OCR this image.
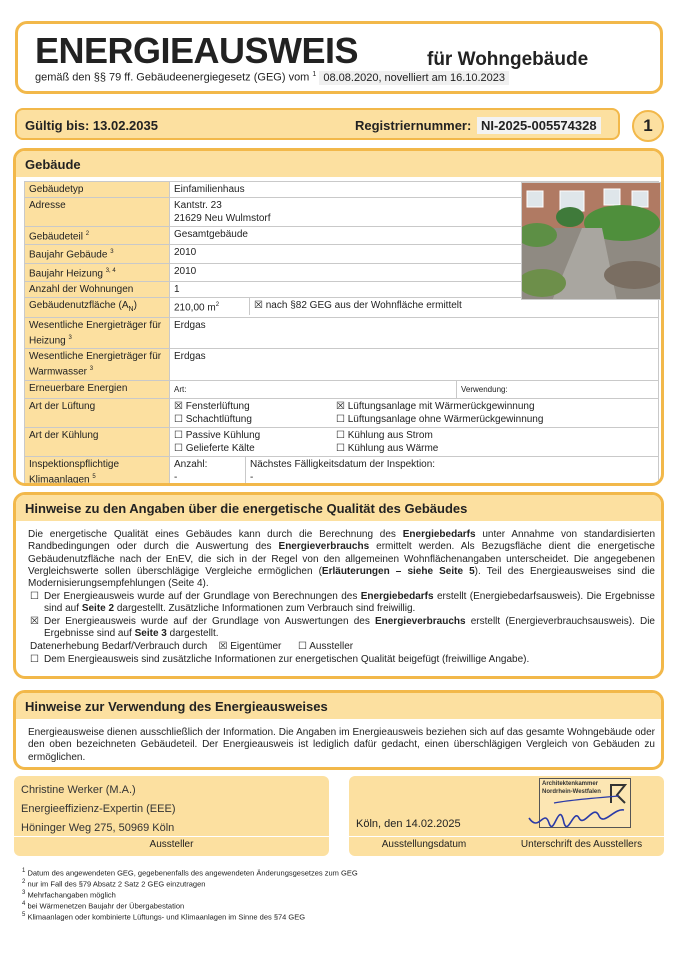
ENERGIEAUSWEIS	für Wohngebäude
gemäß den §§ 79 ff. Gebäudeenergiegesetz (GEG) vom $^1$ 08.08.2020, novelliert am 16.10.2023
Gültig bis: 13.02.2035	Registriernummer: NI-2025-005574328	1
Gebäude
Gebäudetyp	Einfamilienhaus
Adresse	Kantstr. 23
21629 Neu Wulmstorf

Gebäudeteil $^2$	Gesamtgebäude
Baujahr Gebäude $^3$	2010
Baujahr Heizung $^{3, 4}$	2010
Anzahl der Wohnungen	1
Gebäudenutzfläche $(A_N)$	210,00 $m^2$ ☒ nach §82 GEG aus der Wohnfläche ermittelt

Wesentliche Energieträger für Heizung $^3$	Erdgas
Wesentliche Energieträger für Warmwasser $^3$	Erdgas
Erneuerbare Energien	Art: Verwendung:

Art der Lüftung	☒ Fensterlüftung ☒ Lüftungsanlage mit Wärmerückgewinnung
☐ Schachtlüftung ☐ Lüftungsanlage ohne Wärmerückgewinnung

Art der Kühlung	☐ Passive Kühlung ☐ Kühlung aus Strom
☐ Gelieferte Kälte ☐ Kühlung aus Wärme

Inspektionspflichtige Klimaanlagen $^5$	Anzahl:
-
Nächstes Fälligkeitsdatum der Inspektion:
-

Hinweise zu den Angaben über die energetische Qualität des Gebäudes
Die energetische Qualität eines Gebäudes kann durch die Berechnung des Energiebedarfs unter Annahme von standardisierten Randbedingungen oder durch die Auswertung des Energieverbrauchs ermittelt werden. Als Bezugsfläche dient die energetische Gebäudenutzfläche nach der EnEV, die sich in der Regel von den allgemeinen Wohnflächenangaben unterscheidet. Die angegebenen Vergleichswerte sollen überschlägige Vergleiche ermöglichen (Erläuterungen – siehe Seite 5). Teil des Energieausweises sind die Modernisierungsempfehlungen (Seite 4).
☐ Der Energieausweis wurde auf der Grundlage von Berechnungen des Energiebedarfs erstellt (Energiebedarfsausweis). Die Ergebnisse sind auf Seite 2 dargestellt. Zusätzliche Informationen zum Verbrauch sind freiwillig.
☒ Der Energieausweis wurde auf der Grundlage von Auswertungen des Energieverbrauchs erstellt (Energieverbrauchsausweis). Die Ergebnisse sind auf Seite 3 dargestellt.
Datenerhebung Bedarf/Verbrauch durch ☒ Eigentümer ☐ Aussteller
☐ Dem Energieausweis sind zusätzliche Informationen zur energetischen Qualität beigefügt (freiwillige Angabe).
Hinweise zur Verwendung des Energieausweises
Energieausweise dienen ausschließlich der Information. Die Angaben im Energieausweis beziehen sich auf das gesamte Wohngebäude oder den oben bezeichneten Gebäudeteil. Der Energieausweis ist lediglich dafür gedacht, einen überschlägigen Vergleich von Gebäuden zu ermöglichen.
Christine Werker (M.A.)
Energieeffizienz-Expertin (EEE)
Höninger Weg 275, 50969 Köln
Aussteller
Köln, den 14.02.2025
Architektenkammer
Nordrhein-Westfalen
Ausstellungsdatum	Unterschrift des Ausstellers
$^1$ Datum des angewendeten GEG, gegebenenfalls des angewendeten Änderungsgesetzes zum GEG
$^2$ nur im Fall des §79 Absatz 2 Satz 2 GEG einzutragen
$^3$ Mehrfachangaben möglich
$^4$ bei Wärmenetzen Baujahr der Übergabestation
$^5$ Klimaanlagen oder kombinierte Lüftungs- und Klimaanlagen im Sinne des §74 GEG
